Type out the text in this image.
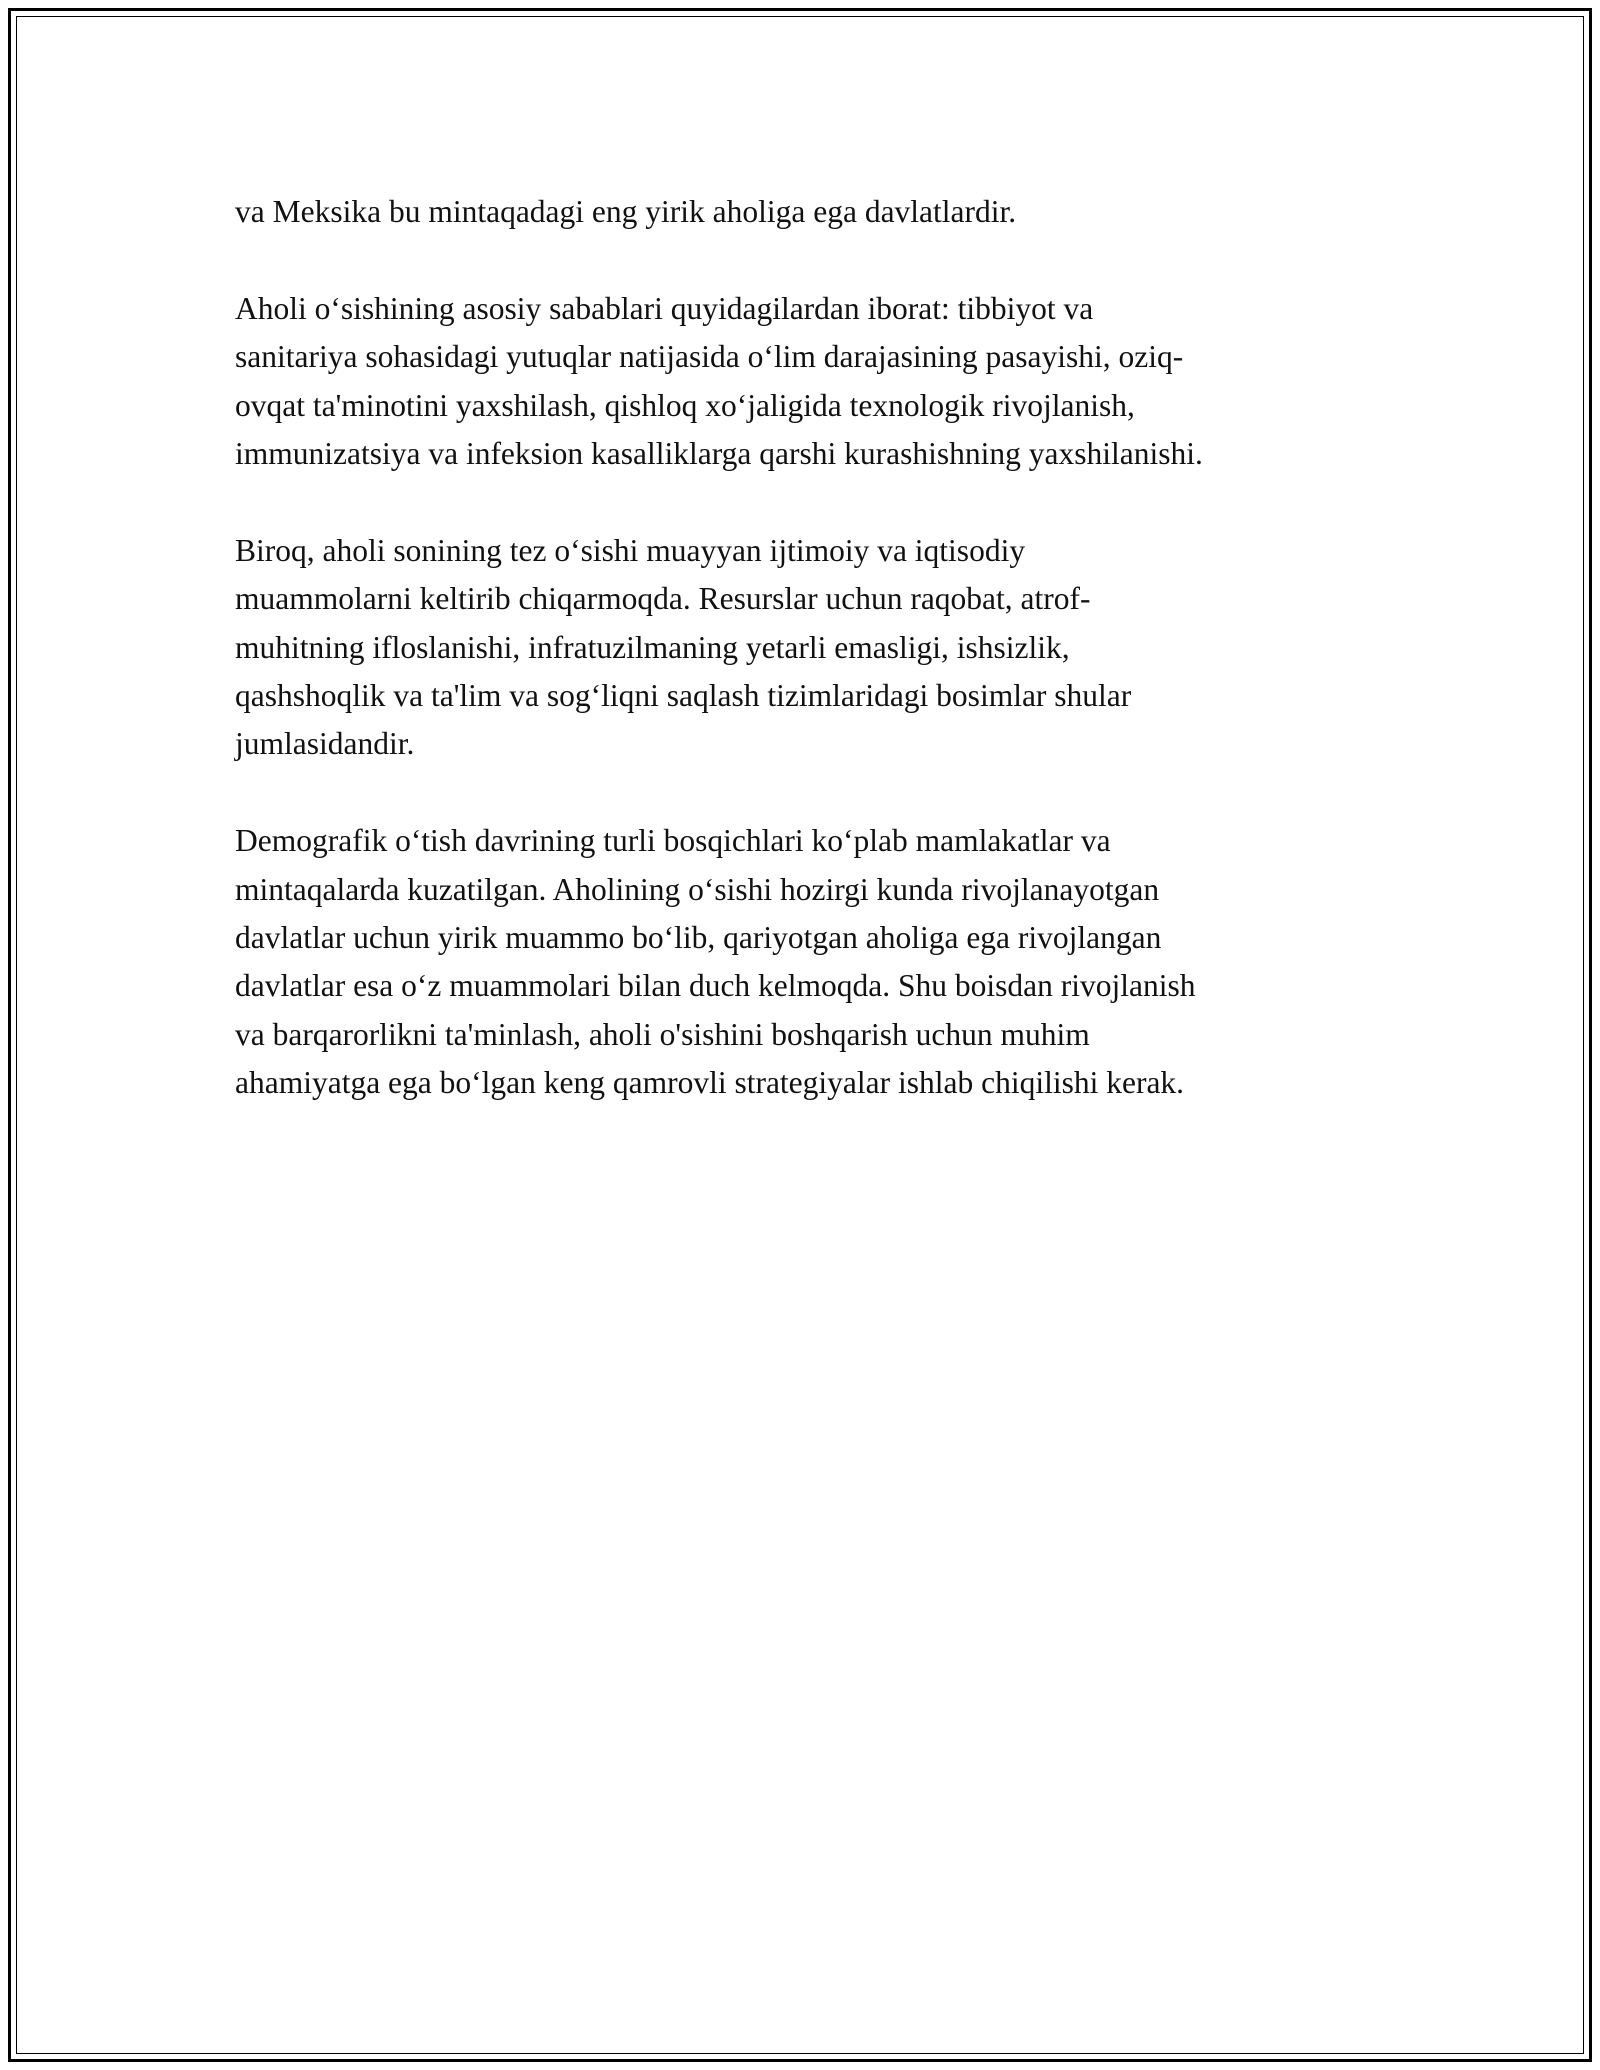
va Meksika bu mintaqadagi eng yirik aholiga ega davlatlardir.

Aholi o‘sishining asosiy sabablari quyidagilardan iborat: tibbiyot va
sanitariya sohasidagi yutuqlar natijasida o‘lim darajasining pasayishi, oziq-
ovqat ta'minotini yaxshilash, qishloq xo‘jaligida texnologik rivojlanish,
immunizatsiya va infeksion kasalliklarga qarshi kurashishning yaxshilanishi.

Biroq, aholi sonining tez o‘sishi muayyan ijtimoiy va iqtisodiy
muammolarni keltirib chiqarmoqda. Resurslar uchun raqobat, atrof-
muhitning ifloslanishi, infratuzilmaning yetarli emasligi, ishsizlik,
qashshoqlik va ta'lim va sog‘liqni saqlash tizimlaridagi bosimlar shular
jumlasidandir.

Demografik o‘tish davrining turli bosqichlari ko‘plab mamlakatlar va
mintaqalarda kuzatilgan. Aholining o‘sishi hozirgi kunda rivojlanayotgan
davlatlar uchun yirik muammo bo‘lib, qariyotgan aholiga ega rivojlangan
davlatlar esa o‘z muammolari bilan duch kelmoqda. Shu boisdan rivojlanish
va barqarorlikni ta'minlash, aholi o'sishini boshqarish uchun muhim
ahamiyatga ega bo‘lgan keng qamrovli strategiyalar ishlab chiqilishi kerak.
